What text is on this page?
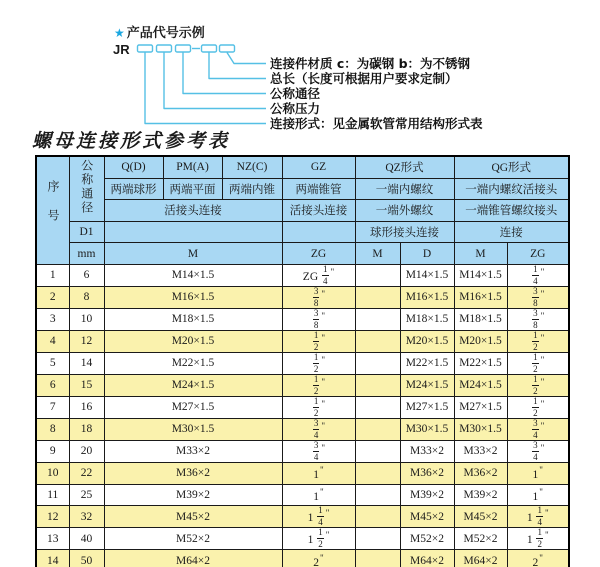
★ 产品代号示例
JR
连接件材质 c：为碳钢 b：为不锈钢
总长（长度可根据用户要求定制）
公称通径
公称压力
连接形式：见金属软管常用结构形式表
螺母连接形式参考表
序号	公称通径	Q(D)	PM(A)	NZ(C)	GZ	QZ形式		QG形式	
		两端球形	两端平面	两端内锥	两端锥管	一端内螺纹		一端内螺纹活接头	
		活接头连接			活接头连接	一端外螺纹		一端锥管螺纹接头	
	D1					球形接头连接		连接	
	mm	M			ZG	M	D	M	ZG
1	6	M14×1.5			ZG $\frac{1}{4} ^"$		M14×1.5	M14×1.5	$\frac{1}{4} ^"$
2	8	M16×1.5			$\frac{3}{8} ^"$		M16×1.5	M16×1.5	$\frac{3}{8} ^"$
3	10	M18×1.5			$\frac{3}{8} ^"$		M18×1.5	M18×1.5	$\frac{3}{8} ^"$
4	12	M20×1.5			$\frac{1}{2} ^"$		M20×1.5	M20×1.5	$\frac{1}{2} ^"$
5	14	M22×1.5			$\frac{1}{2} ^"$		M22×1.5	M22×1.5	$\frac{1}{2} ^"$
6	15	M24×1.5			$\frac{1}{2} ^"$		M24×1.5	M24×1.5	$\frac{1}{2} ^"$
7	16	M27×1.5			$\frac{1}{2} ^"$		M27×1.5	M27×1.5	$\frac{1}{2} ^"$
8	18	M30×1.5			$\frac{3}{4} ^"$		M30×1.5	M30×1.5	$\frac{3}{4} ^"$
9	20	M33×2			$\frac{3}{4} ^"$		M33×2	M33×2	$\frac{3}{4} ^"$
10	22	M36×2			1"		M36×2	M36×2	1"
11	25	M39×2			1"		M39×2	M39×2	1"
12	32	M45×2			$1 \frac{1}{4} ^"$		M45×2	M45×2	$1 \frac{1}{4} ^"$
13	40	M52×2			$1 \frac{1}{2} ^"$		M52×2	M52×2	$1 \frac{1}{2} ^"$
14	50	M64×2			2"		M64×2	M64×2	2"
